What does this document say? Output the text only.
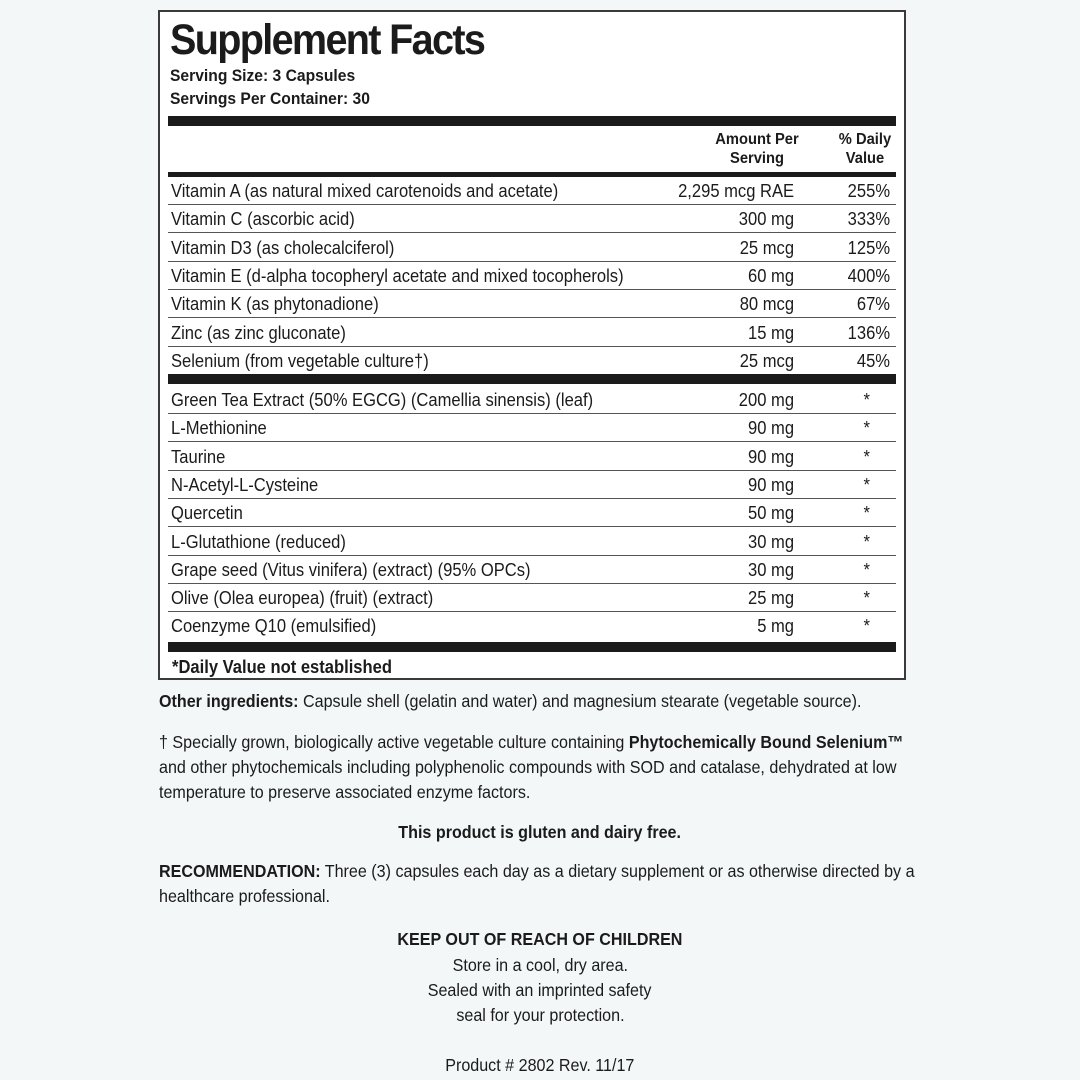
Supplement Facts
Serving Size: 3 Capsules
Servings Per Container: 30
Amount Per
Serving
% Daily
Value
Vitamin A (as natural mixed carotenoids and acetate)	2,295 mcg RAE	255%
Vitamin C (ascorbic acid)	300 mg	333%
Vitamin D3 (as cholecalciferol)	25 mcg	125%
Vitamin E (d-alpha tocopheryl acetate and mixed tocopherols)	60 mg	400%
Vitamin K (as phytonadione)	80 mcg	67%
Zinc (as zinc gluconate)	15 mg	136%
Selenium (from vegetable culture†)	25 mcg	45%
Green Tea Extract (50% EGCG) (Camellia sinensis) (leaf)	200 mg	*
L-Methionine	90 mg	*
Taurine	90 mg	*
N-Acetyl-L-Cysteine	90 mg	*
Quercetin	50 mg	*
L-Glutathione (reduced)	30 mg	*
Grape seed (Vitus vinifera) (extract) (95% OPCs)	30 mg	*
Olive (Olea europea) (fruit) (extract)	25 mg	*
Coenzyme Q10 (emulsified)	5 mg	*
*Daily Value not established
Other ingredients: Capsule shell (gelatin and water) and magnesium stearate (vegetable source).
† Specially grown, biologically active vegetable culture containing Phytochemically Bound Selenium™ and other phytochemicals including polyphenolic compounds with SOD and catalase, dehydrated at low temperature to preserve associated enzyme factors.
This product is gluten and dairy free.
RECOMMENDATION: Three (3) capsules each day as a dietary supplement or as otherwise directed by a healthcare professional.
KEEP OUT OF REACH OF CHILDREN
Store in a cool, dry area.
Sealed with an imprinted safety
seal for your protection.
Product # 2802 Rev. 11/17
